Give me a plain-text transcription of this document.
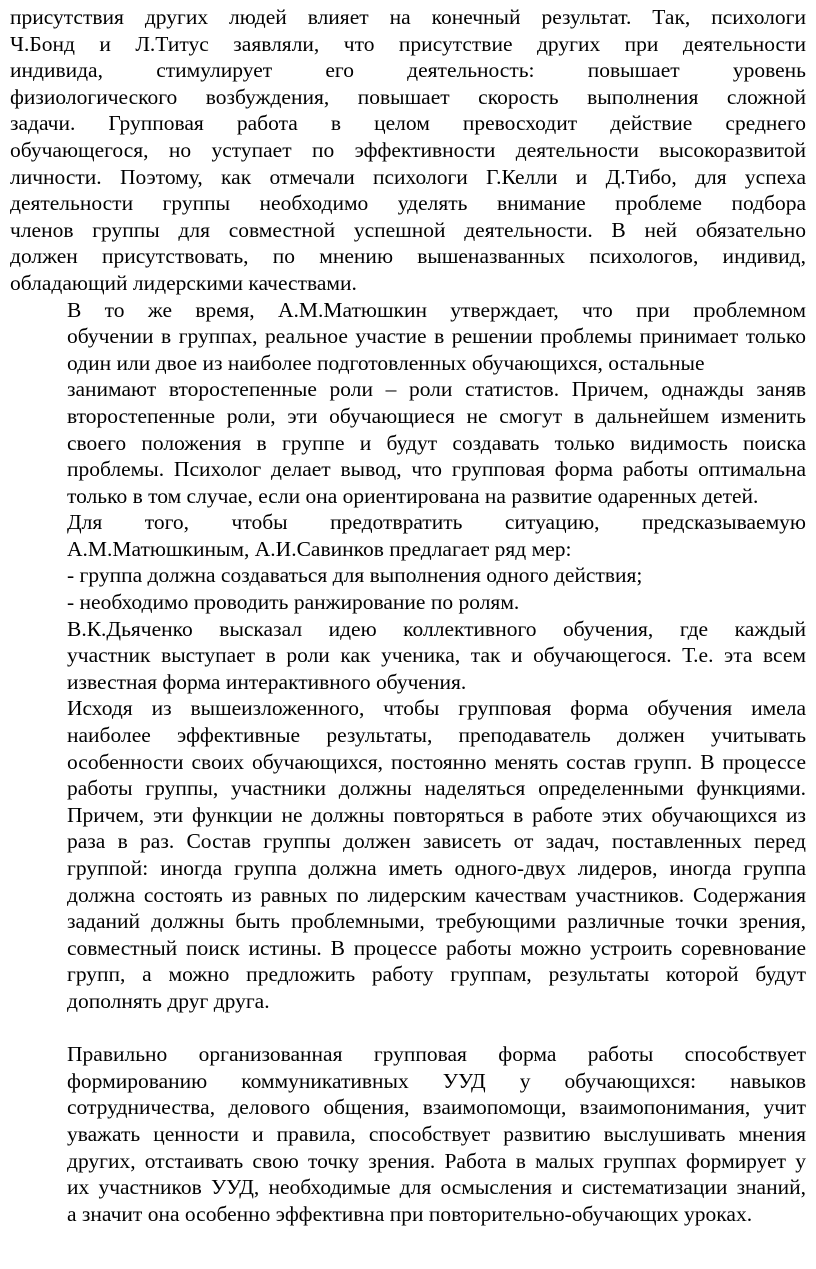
присутствия других людей влияет на конечный результат. Так, психологи
Ч.Бонд и Л.Титус заявляли, что присутствие других при деятельности
индивида, стимулирует его деятельность: повышает уровень
физиологического возбуждения, повышает скорость выполнения сложной
задачи. Групповая работа в целом превосходит действие среднего
обучающегося, но уступает по эффективности деятельности высокоразвитой
личности. Поэтому, как отмечали психологи Г.Келли и Д.Тибо, для успеха
деятельности группы необходимо уделять внимание проблеме подбора
членов группы для совместной успешной деятельности. В ней обязательно
должен присутствовать, по мнению вышеназванных психологов, индивид,
обладающий лидерскими качествами.
В то же время, А.М.Матюшкин утверждает, что при проблемном
обучении в группах, реальное участие в решении проблемы принимает только
один или двое из наиболее подготовленных обучающихся, остальные
занимают второстепенные роли – роли статистов. Причем, однажды заняв
второстепенные роли, эти обучающиеся не смогут в дальнейшем изменить
своего положения в группе и будут создавать только видимость поиска
проблемы. Психолог делает вывод, что групповая форма работы оптимальна
только в том случае, если она ориентирована на развитие одаренных детей.
Для того, чтобы предотвратить ситуацию, предсказываемую
А.М.Матюшкиным, А.И.Савинков предлагает ряд мер:
- группа должна создаваться для выполнения одного действия;
- необходимо проводить ранжирование по ролям.
В.К.Дьяченко высказал идею коллективного обучения, где каждый
участник выступает в роли как ученика, так и обучающегося. Т.е. эта всем
известная форма интерактивного обучения.
Исходя из вышеизложенного, чтобы групповая форма обучения имела
наиболее эффективные результаты, преподаватель должен учитывать
особенности своих обучающихся, постоянно менять состав групп. В процессе
работы группы, участники должны наделяться определенными функциями.
Причем, эти функции не должны повторяться в работе этих обучающихся из
раза в раз. Состав группы должен зависеть от задач, поставленных перед
группой: иногда группа должна иметь одного-двух лидеров, иногда группа
должна состоять из равных по лидерским качествам участников. Содержания
заданий должны быть проблемными, требующими различные точки зрения,
совместный поиск истины. В процессе работы можно устроить соревнование
групп, а можно предложить работу группам, результаты которой будут
дополнять друг друга.
Правильно организованная групповая форма работы способствует
формированию коммуникативных УУД у обучающихся: навыков
сотрудничества, делового общения, взаимопомощи, взаимопонимания, учит
уважать ценности и правила, способствует развитию выслушивать мнения
других, отстаивать свою точку зрения. Работа в малых группах формирует у
их участников УУД, необходимые для осмысления и систематизации знаний,
а значит она особенно эффективна при повторительно-обучающих уроках.
